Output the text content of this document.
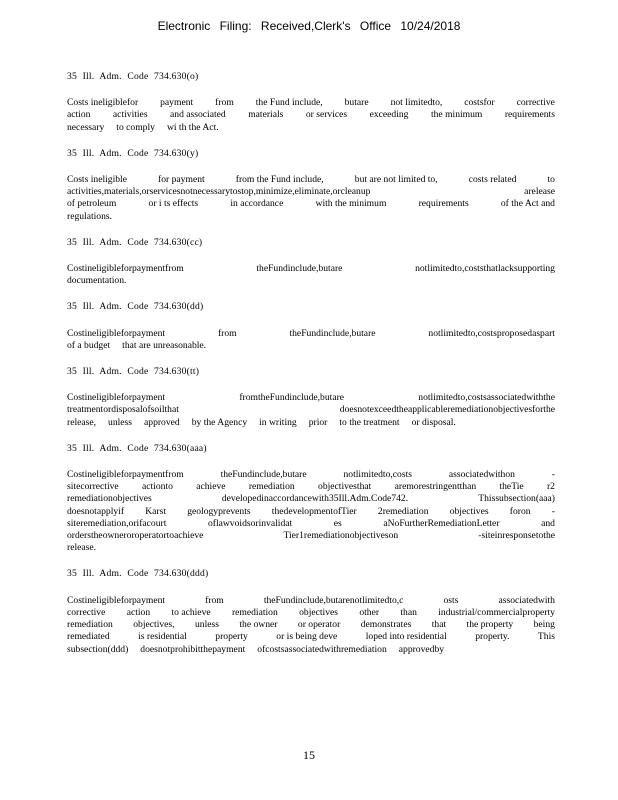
Electronic Filing: Received,Clerk's Office 10/24/2018
35 Ill. Adm. Code 734.630(o)
Costs ineligiblefor payment from the Fund include, butare not limitedto, costsfor corrective
action activities and associated materials or services exceeding the minimum requirements
necessary to comply wi th the Act.
35 Ill. Adm. Code 734.630(y)
Costs ineligible	for payment	from the Fund include,	but are not limited to,	costs related	to
activities,materials,orservicesnotnecessarytostop,minimize,eliminate,orcleanup	arelease
of petroleum	or i ts effects	in accordance	with the minimum	requirements	of the Act and
regulations.
35 Ill. Adm. Code 734.630(cc)
Costineligibleforpaymentfrom	theFundinclude,butare	notlimitedto,coststhatlacksupporting
documentation.
35 Ill. Adm. Code 734.630(dd)
Costineligibleforpayment	from	theFundinclude,butare	notlimitedto,costsproposedaspart
of a budget that are unreasonable.
35 Ill. Adm. Code 734.630(tt)
Costineligibleforpayment	fromtheFundinclude,butare	notlimitedto,costsassociatedwiththe
treatmentordisposalofsoilthat	doesnotexceedtheapplicableremediationobjectivesforthe
release, unless approved by the Agency in writing prior to the treatment or disposal.
35 Ill. Adm. Code 734.630(aaa)
Costineligibleforpaymentfrom	theFundinclude,butare	notlimitedto,costs	associatedwithon	-
sitecorrective actionto achieve remediation objectivesthat aremorestringentthan theTie r2
remediationobjectives	developedinaccordancewith35Ill.Adm.Code742.	Thissubsection(aaa)
doesnotapplyif Karst geologyprevents thedevelopmentofTier 2remediation objectives foron -
siteremediation,orifacourt	oflawvoidsorinvalidat	es	aNoFurtherRemediationLetter	and
orderstheowneroroperatortoachieve	Tier1remediationobjectiveson	-siteinresponsetothe
release.
35 Ill. Adm. Code 734.630(ddd)
Costineligibleforpayment	from	theFundinclude,butarenotlimitedto,c	osts	associatedwith
corrective action to achieve remediation objectives other than industrial/commercialproperty
remediation objectives, unless the owner or operator demonstrates that the property being
remediated	is residential	property	or is being deve	loped into residential	property.	This
subsection(ddd) doesnotprohibitthepayment ofcostsassociatedwithremediation approvedby
15
